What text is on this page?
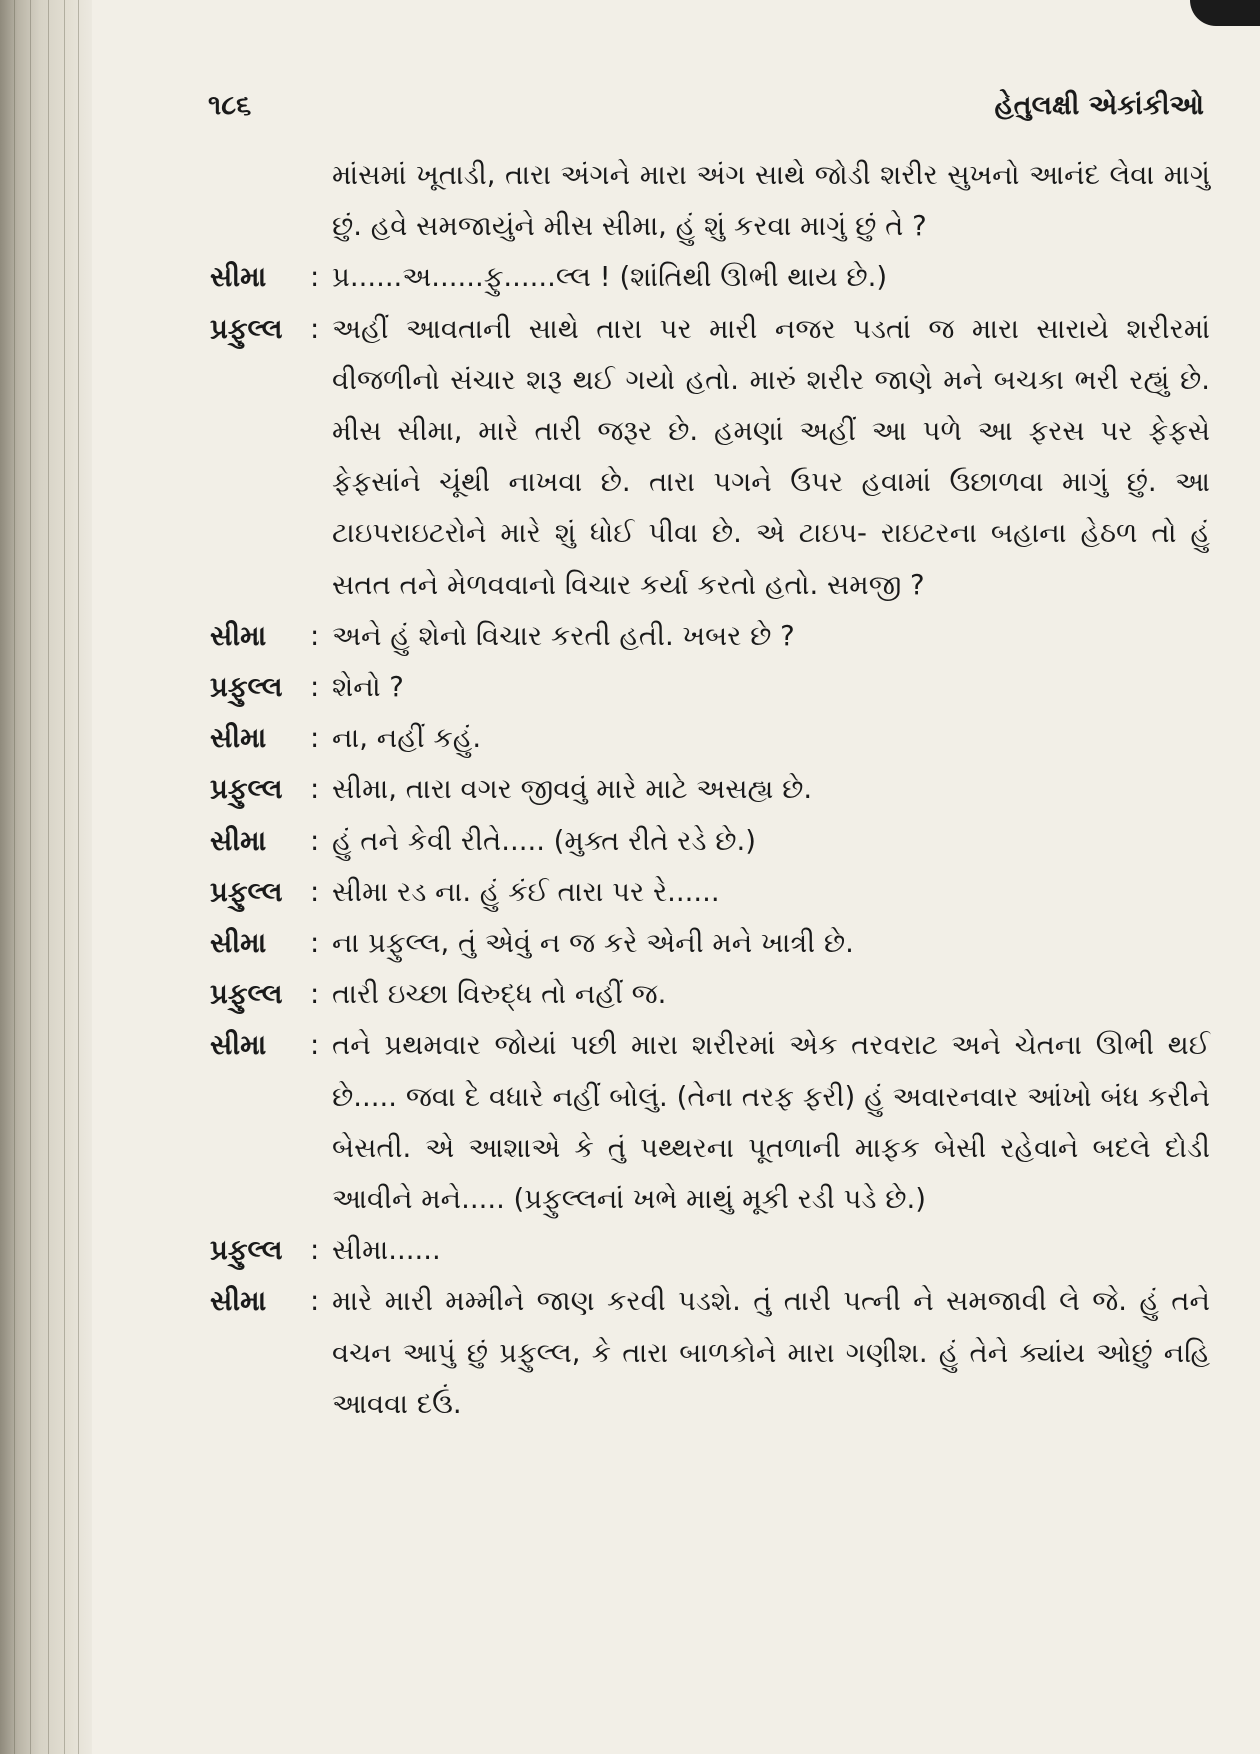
૧૮૬	હેતુલક્ષી એકાંકીઓ
માંસમાં ખૂતાડી, તારા અંગને મારા અંગ સાથે જોડી શરીર સુખનો આનંદ લેવા માગું છું. હવે સમજાયુંને મીસ સીમા, હું શું કરવા માગું છું તે ?
સીમા	: પ્ર......અ......ફુ......લ્લ ! (શાંતિથી ઊભી થાય છે.)
પ્રફુલ્લ : અહીં આવતાની સાથે તારા પર મારી નજર પડતાં જ મારા સારાયે શરીરમાં વીજળીનો સંચાર શરૂ થઈ ગયો હતો. મારું શરીર જાણે મને બચકા ભરી રહ્યું છે. મીસ સીમા, મારે તારી જરૂર છે. હમણાં અહીં આ પળે આ ફરસ પર ફેફસે ફેફસાંને ચૂંથી નાખવા છે. તારા પગને ઉપર હવામાં ઉછાળવા માગું છું. આ ટાઇપરાઇટરોને મારે શું ધોઈ પીવા છે. એ ટાઇપ- રાઇટરના બહાના હેઠળ તો હું સતત તને મેળવવાનો વિચાર કર્યા કરતો હતો. સમજી ?
સીમા	: અને હું શેનો વિચાર કરતી હતી. ખબર છે ?
પ્રફુલ્લ : શેનો ?
સીમા	: ના, નહીં કહું.
પ્રફુલ્લ : સીમા, તારા વગર જીવવું મારે માટે અસહ્ય છે.
સીમા	: હું તને કેવી રીતે..... (મુક્ત રીતે રડે છે.)
પ્રફુલ્લ : સીમા રડ ના. હું કંઈ તારા પર રે......
સીમા	: ના પ્રફુલ્લ, તું એવું ન જ કરે એની મને ખાત્રી છે.
પ્રફુલ્લ : તારી ઇચ્છા વિરુદ્ધ તો નહીં જ.
સીમા	: તને પ્રથમવાર જોયાં પછી મારા શરીરમાં એક તરવરાટ અને ચેતના ઊભી થઈ છે..... જવા દે વધારે નહીં બોલું. (તેના તરફ ફરી) હું અવારનવાર આંખો બંધ કરીને બેસતી. એ આશાએ કે તું પથ્થરના પૂતળાની માફક બેસી રહેવાને બદલે દોડી આવીને મને..... (પ્રફુલ્લનાં ખભે માથું મૂકી રડી પડે છે.)
પ્રફુલ્લ : સીમા......
સીમા	: મારે મારી મમ્મીને જાણ કરવી પડશે. તું તારી પત્ની ને સમજાવી લે જે. હું તને વચન આપું છું પ્રફુલ્લ, કે તારા બાળકોને મારા ગણીશ. હું તેને ક્યાંય ઓછું નહિ આવવા દઉં.
